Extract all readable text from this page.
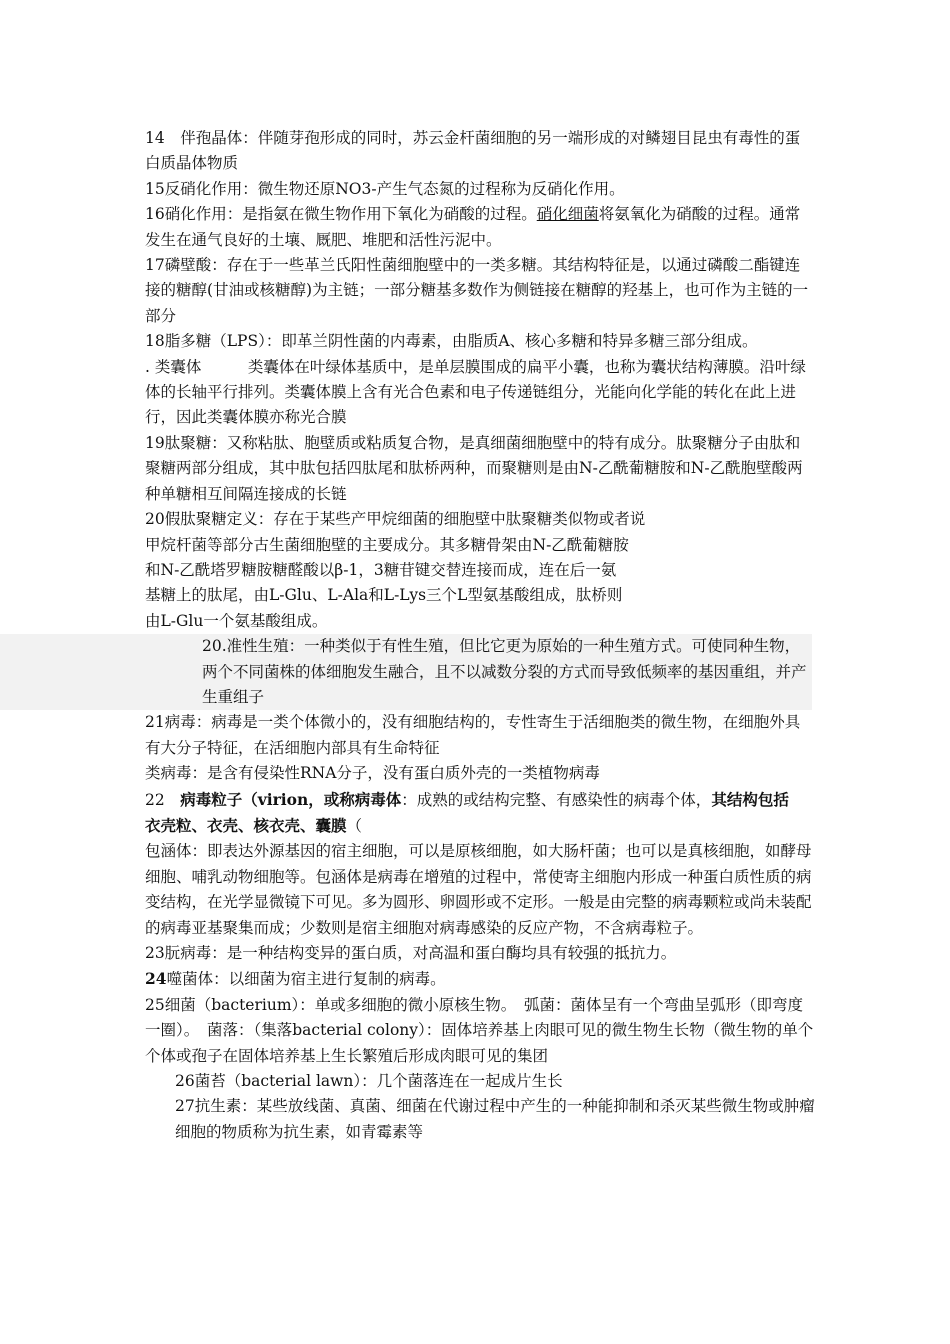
14　伴孢晶体：伴随芽孢形成的同时，苏云金杆菌细胞的另一端形成的对鳞翅目昆虫有毒性的蛋白质晶体物质

15反硝化作用：微生物还原NO3-产生气态氮的过程称为反硝化作用。

16硝化作用：是指氨在微生物作用下氧化为硝酸的过程。硝化细菌将氨氧化为硝酸的过程。通常发生在通气良好的土壤、厩肥、堆肥和活性污泥中。

17磷壁酸：存在于一些革兰氏阳性菌细胞壁中的一类多糖。其结构特征是，以通过磷酸二酯键连接的糖醇(甘油或核糖醇)为主链；一部分糖基多数作为侧链接在糖醇的羟基上，也可作为主链的一部分

18脂多糖（LPS）：即革兰阴性菌的内毒素，由脂质A、核心多糖和特异多糖三部分组成。

. 类囊体　　　类囊体在叶绿体基质中，是单层膜围成的扁平小囊，也称为囊状结构薄膜。沿叶绿体的长轴平行排列。类囊体膜上含有光合色素和电子传递链组分，光能向化学能的转化在此上进行，因此类囊体膜亦称光合膜

19肽聚糖：又称粘肽、胞壁质或粘质复合物，是真细菌细胞壁中的特有成分。肽聚糖分子由肽和聚糖两部分组成，其中肽包括四肽尾和肽桥两种，而聚糖则是由N-乙酰葡糖胺和N-乙酰胞壁酸两种单糖相互间隔连接成的长链

20假肽聚糖定义：存在于某些产甲烷细菌的细胞壁中肽聚糖类似物或者说
甲烷杆菌等部分古生菌细胞壁的主要成分。其多糖骨架由N-乙酰葡糖胺
和N-乙酰塔罗糖胺糖醛酸以β-1，3糖苷键交替连接而成，连在后一氨
基糖上的肽尾，由L-Glu、L-Ala和L-Lys三个L型氨基酸组成，肽桥则
由L-Glu一个氨基酸组成。

20.准性生殖：一种类似于有性生殖，但比它更为原始的一种生殖方式。可使同种生物，两个不同菌株的体细胞发生融合，且不以减数分裂的方式而导致低频率的基因重组，并产生重组子

21病毒：病毒是一类个体微小的，没有细胞结构的，专性寄生于活细胞类的微生物，在细胞外具有大分子特征，在活细胞内部具有生命特征

类病毒：是含有侵染性RNA分子，没有蛋白质外壳的一类植物病毒

22　病毒粒子（virion，或称病毒体：成熟的或结构完整、有感染性的病毒个体，其结构包括　衣壳粒、衣壳、核衣壳、囊膜（

包涵体：即表达外源基因的宿主细胞，可以是原核细胞，如大肠杆菌；也可以是真核细胞，如酵母细胞、哺乳动物细胞等。包涵体是病毒在增殖的过程中，常使寄主细胞内形成一种蛋白质性质的病变结构，在光学显微镜下可见。多为圆形、卵圆形或不定形。一般是由完整的病毒颗粒或尚未装配的病毒亚基聚集而成；少数则是宿主细胞对病毒感染的反应产物，不含病毒粒子。

23朊病毒：是一种结构变异的蛋白质，对高温和蛋白酶均具有较强的抵抗力。

24噬菌体：以细菌为宿主进行复制的病毒。

25细菌（bacterium）：单或多细胞的微小原核生物。　弧菌：菌体呈有一个弯曲呈弧形（即弯度一圈）。　菌落：（集落bacterial colony）：固体培养基上肉眼可见的微生物生长物（微生物的单个个体或孢子在固体培养基上生长繁殖后形成肉眼可见的集团

26菌苔（bacterial lawn）：几个菌落连在一起成片生长

27抗生素：某些放线菌、真菌、细菌在代谢过程中产生的一种能抑制和杀灭某些微生物或肿瘤细胞的物质称为抗生素，如青霉素等
